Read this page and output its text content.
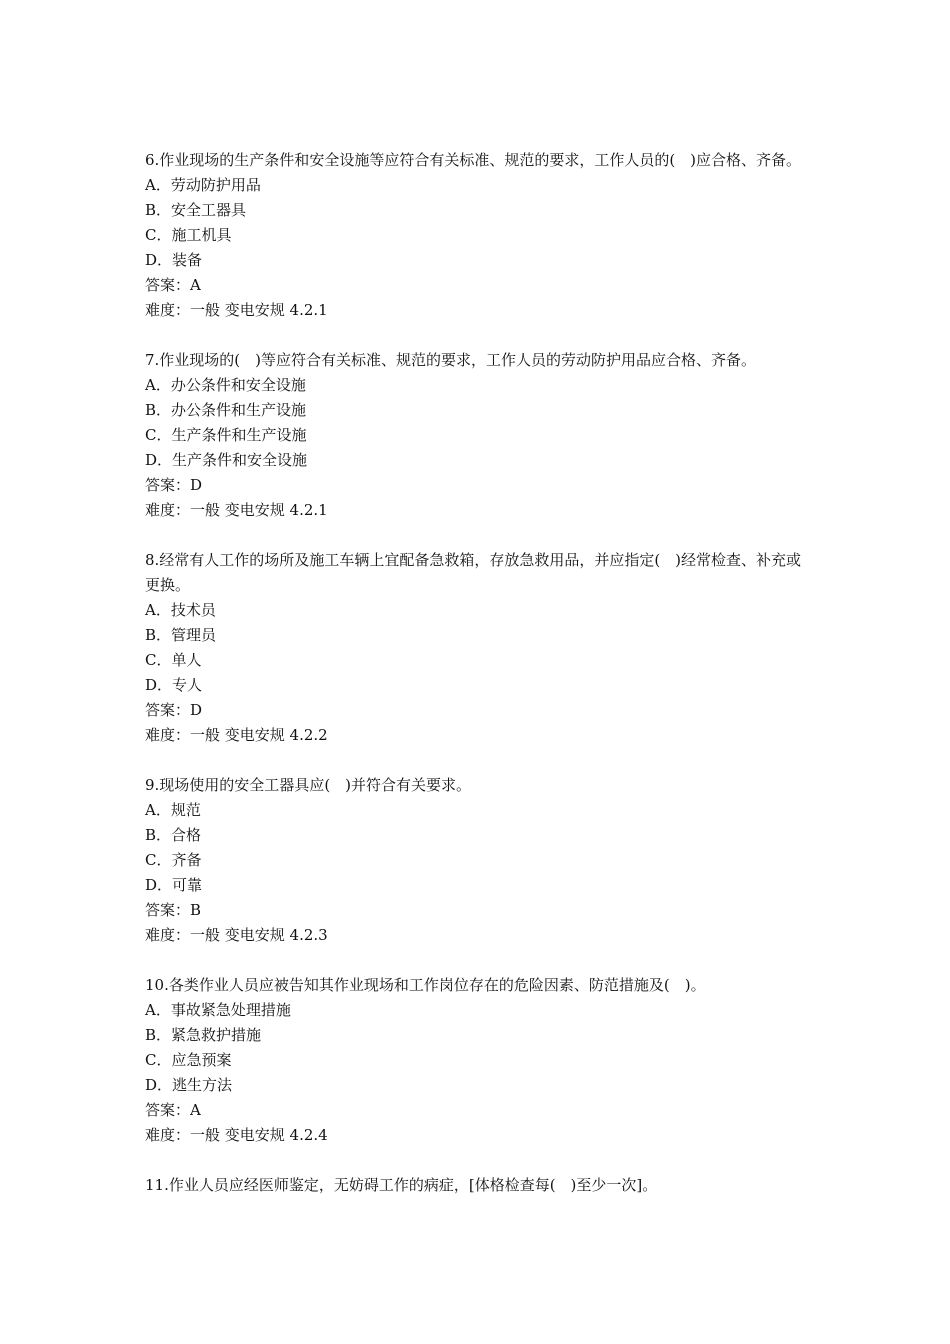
6.作业现场的生产条件和安全设施等应符合有关标准、规范的要求，工作人员的(　)应合格、齐备。
A．劳动防护用品
B．安全工器具
C．施工机具
D．装备
答案：A
难度：一般 变电安规 4.2.1
7.作业现场的(　)等应符合有关标准、规范的要求，工作人员的劳动防护用品应合格、齐备。
A．办公条件和安全设施
B．办公条件和生产设施
C．生产条件和生产设施
D．生产条件和安全设施
答案：D
难度：一般 变电安规 4.2.1
8.经常有人工作的场所及施工车辆上宜配备急救箱，存放急救用品，并应指定(　)经常检查、补充或更换。
A．技术员
B．管理员
C．单人
D．专人
答案：D
难度：一般 变电安规 4.2.2
9.现场使用的安全工器具应(　)并符合有关要求。
A．规范
B．合格
C．齐备
D．可靠
答案：B
难度：一般 变电安规 4.2.3
10.各类作业人员应被告知其作业现场和工作岗位存在的危险因素、防范措施及(　)。
A．事故紧急处理措施
B．紧急救护措施
C．应急预案
D．逃生方法
答案：A
难度：一般 变电安规 4.2.4
11.作业人员应经医师鉴定，无妨碍工作的病症，[体格检查每(　)至少一次]。
